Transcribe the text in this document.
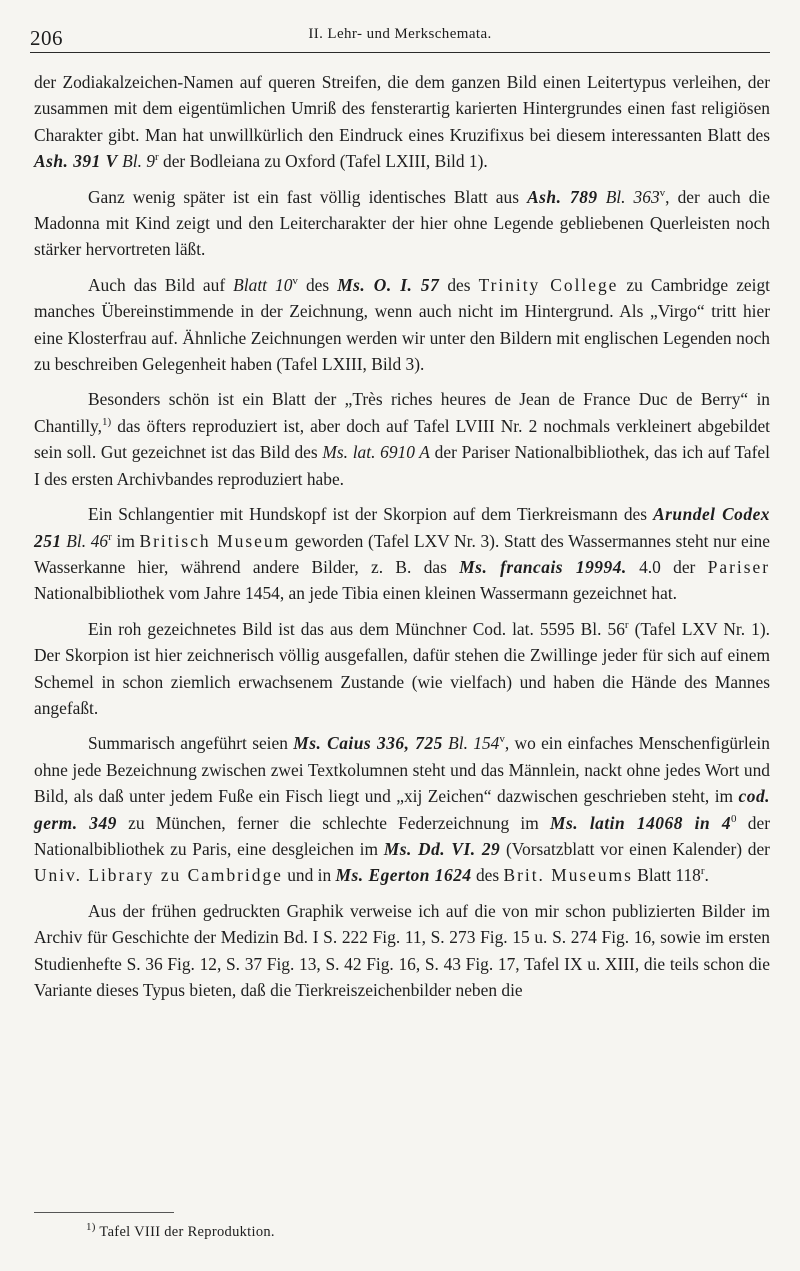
206	II. Lehr- und Merkschemata.

der Zodiakalzeichen-Namen auf queren Streifen, die dem ganzen Bild einen Leitertypus verleihen, der zusammen mit dem eigentümlichen Umriß des fensterartig karierten Hintergrundes einen fast religiösen Charakter gibt. Man hat unwillkürlich den Eindruck eines Kruzifixus bei diesem interessanten Blatt des Ash. 391 V Bl. 9$^r$ der Bodleiana zu Oxford (Tafel LXIII, Bild 1).

Ganz wenig später ist ein fast völlig identisches Blatt aus Ash. 789 Bl. 363$^v$, der auch die Madonna mit Kind zeigt und den Leitercharakter der hier ohne Legende gebliebenen Querleisten noch stärker hervortreten läßt.

Auch das Bild auf Blatt 10$^v$ des Ms. O. I. 57 des Trinity College zu Cambridge zeigt manches Übereinstimmende in der Zeichnung, wenn auch nicht im Hintergrund. Als „Virgo“ tritt hier eine Klosterfrau auf. Ähnliche Zeichnungen werden wir unter den Bildern mit englischen Legenden noch zu beschreiben Gelegenheit haben (Tafel LXIII, Bild 3).

Besonders schön ist ein Blatt der „Très riches heures de Jean de France Duc de Berry“ in Chantilly,$^{1)}$ das öfters reproduziert ist, aber doch auf Tafel LVIII Nr. 2 nochmals verkleinert abgebildet sein soll. Gut gezeichnet ist das Bild des Ms. lat. 6910 A der Pariser Nationalbibliothek, das ich auf Tafel I des ersten Archivbandes reproduziert habe.

Ein Schlangentier mit Hundskopf ist der Skorpion auf dem Tierkreismann des Arundel Codex 251 Bl. 46$^r$ im Britisch Museum geworden (Tafel LXV Nr. 3). Statt des Wassermannes steht nur eine Wasserkanne hier, während andere Bilder, z. B. das Ms. francais 19994. 4.0 der Pariser Nationalbibliothek vom Jahre 1454, an jede Tibia einen kleinen Wassermann gezeichnet hat.

Ein roh gezeichnetes Bild ist das aus dem Münchner Cod. lat. 5595 Bl. 56$^r$ (Tafel LXV Nr. 1). Der Skorpion ist hier zeichnerisch völlig ausgefallen, dafür stehen die Zwillinge jeder für sich auf einem Schemel in schon ziemlich erwachsenem Zustande (wie vielfach) und haben die Hände des Mannes angefaßt.

Summarisch angeführt seien Ms. Caius 336, 725 Bl. 154$^v$, wo ein einfaches Menschenfigürlein ohne jede Bezeichnung zwischen zwei Textkolumnen steht und das Männlein, nackt ohne jedes Wort und Bild, als daß unter jedem Fuße ein Fisch liegt und „xij Zeichen“ dazwischen geschrieben steht, im cod. germ. 349 zu München, ferner die schlechte Federzeichnung im Ms. latin 14068 in $4^0$ der Nationalbibliothek zu Paris, eine desgleichen im Ms. Dd. VI. 29 (Vorsatzblatt vor einen Kalender) der Univ. Library zu Cambridge und in Ms. Egerton 1624 des Brit. Museums Blatt 118$^r$.

Aus der frühen gedruckten Graphik verweise ich auf die von mir schon publizierten Bilder im Archiv für Geschichte der Medizin Bd. I S. 222 Fig. 11, S. 273 Fig. 15 u. S. 274 Fig. 16, sowie im ersten Studienhefte S. 36 Fig. 12, S. 37 Fig. 13, S. 42 Fig. 16, S. 43 Fig. 17, Tafel IX u. XIII, die teils schon die Variante dieses Typus bieten, daß die Tierkreiszeichenbilder neben die

$^{1)}$ Tafel VIII der Reproduktion.
